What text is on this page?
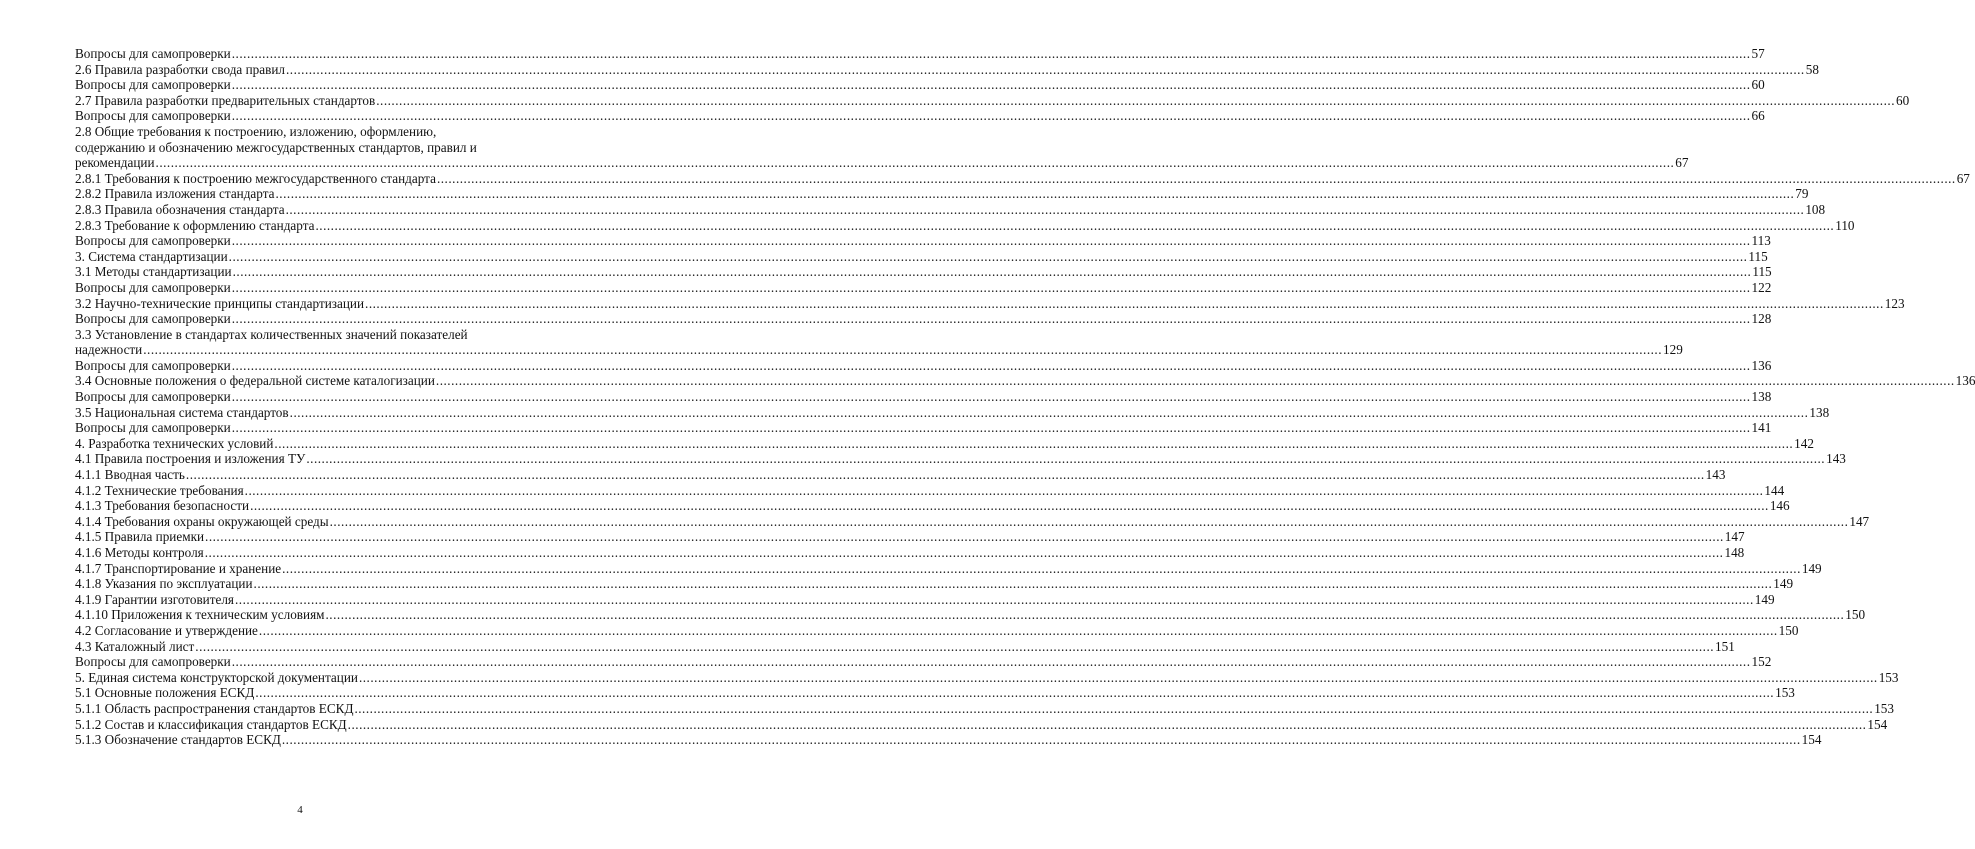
Вопросы для самопроверки ................................................................................................................................................................................................................................................................................................................................................................................................................ 57
2.6 Правила разработки свода правил ................................................................................................................................................................................................................................................................................................................................................................................................................ 58
Вопросы для самопроверки ................................................................................................................................................................................................................................................................................................................................................................................................................ 60
2.7 Правила разработки предварительных стандартов ................................................................................................................................................................................................................................................................................................................................................................................................................ 60
Вопросы для самопроверки ................................................................................................................................................................................................................................................................................................................................................................................................................ 66
2.8 Общие требования к построению, изложению, оформлению,
содержанию и обозначению межгосударственных стандартов, правил и
рекомендации ................................................................................................................................................................................................................................................................................................................................................................................................................ 67
2.8.1 Требования к построению межгосударственного стандарта ................................................................................................................................................................................................................................................................................................................................................................................................................ 67
2.8.2 Правила изложения стандарта ................................................................................................................................................................................................................................................................................................................................................................................................................ 79
2.8.3 Правила обозначения стандарта ................................................................................................................................................................................................................................................................................................................................................................................................................ 108
2.8.3 Требование к оформлению стандарта ................................................................................................................................................................................................................................................................................................................................................................................................................ 110
Вопросы для самопроверки ................................................................................................................................................................................................................................................................................................................................................................................................................ 113
3. Система стандартизации ................................................................................................................................................................................................................................................................................................................................................................................................................ 115
3.1 Методы стандартизации ................................................................................................................................................................................................................................................................................................................................................................................................................ 115
Вопросы для самопроверки ................................................................................................................................................................................................................................................................................................................................................................................................................ 122
3.2 Научно-технические принципы стандартизации ................................................................................................................................................................................................................................................................................................................................................................................................................ 123
Вопросы для самопроверки ................................................................................................................................................................................................................................................................................................................................................................................................................ 128
3.3 Установление в стандартах количественных значений показателей
надежности ................................................................................................................................................................................................................................................................................................................................................................................................................ 129
Вопросы для самопроверки ................................................................................................................................................................................................................................................................................................................................................................................................................ 136
3.4 Основные положения о федеральной системе каталогизации ................................................................................................................................................................................................................................................................................................................................................................................................................ 136
Вопросы для самопроверки ................................................................................................................................................................................................................................................................................................................................................................................................................ 138
3.5 Национальная система стандартов ................................................................................................................................................................................................................................................................................................................................................................................................................ 138
Вопросы для самопроверки ................................................................................................................................................................................................................................................................................................................................................................................................................ 141
4. Разработка технических условий ................................................................................................................................................................................................................................................................................................................................................................................................................ 142
4.1 Правила построения и изложения ТУ ................................................................................................................................................................................................................................................................................................................................................................................................................ 143
4.1.1 Вводная часть ................................................................................................................................................................................................................................................................................................................................................................................................................ 143
4.1.2 Технические требования ................................................................................................................................................................................................................................................................................................................................................................................................................ 144
4.1.3 Требования безопасности ................................................................................................................................................................................................................................................................................................................................................................................................................ 146
4.1.4 Требования охраны окружающей среды ................................................................................................................................................................................................................................................................................................................................................................................................................ 147
4.1.5 Правила приемки ................................................................................................................................................................................................................................................................................................................................................................................................................ 147
4.1.6 Методы контроля ................................................................................................................................................................................................................................................................................................................................................................................................................ 148
4.1.7 Транспортирование и хранение ................................................................................................................................................................................................................................................................................................................................................................................................................ 149
4.1.8 Указания по эксплуатации ................................................................................................................................................................................................................................................................................................................................................................................................................ 149
4.1.9 Гарантии изготовителя ................................................................................................................................................................................................................................................................................................................................................................................................................ 149
4.1.10 Приложения к техническим условиям ................................................................................................................................................................................................................................................................................................................................................................................................................ 150
4.2 Согласование и утверждение ................................................................................................................................................................................................................................................................................................................................................................................................................ 150
4.3 Каталожный лист ................................................................................................................................................................................................................................................................................................................................................................................................................ 151
Вопросы для самопроверки ................................................................................................................................................................................................................................................................................................................................................................................................................ 152
5. Единая система конструкторской документации ................................................................................................................................................................................................................................................................................................................................................................................................................ 153
5.1 Основные положения ЕСКД ................................................................................................................................................................................................................................................................................................................................................................................................................ 153
5.1.1 Область распространения стандартов ЕСКД ................................................................................................................................................................................................................................................................................................................................................................................................................ 153
5.1.2 Состав и классификация стандартов ЕСКД ................................................................................................................................................................................................................................................................................................................................................................................................................ 154
5.1.3 Обозначение стандартов ЕСКД ................................................................................................................................................................................................................................................................................................................................................................................................................ 154
4
